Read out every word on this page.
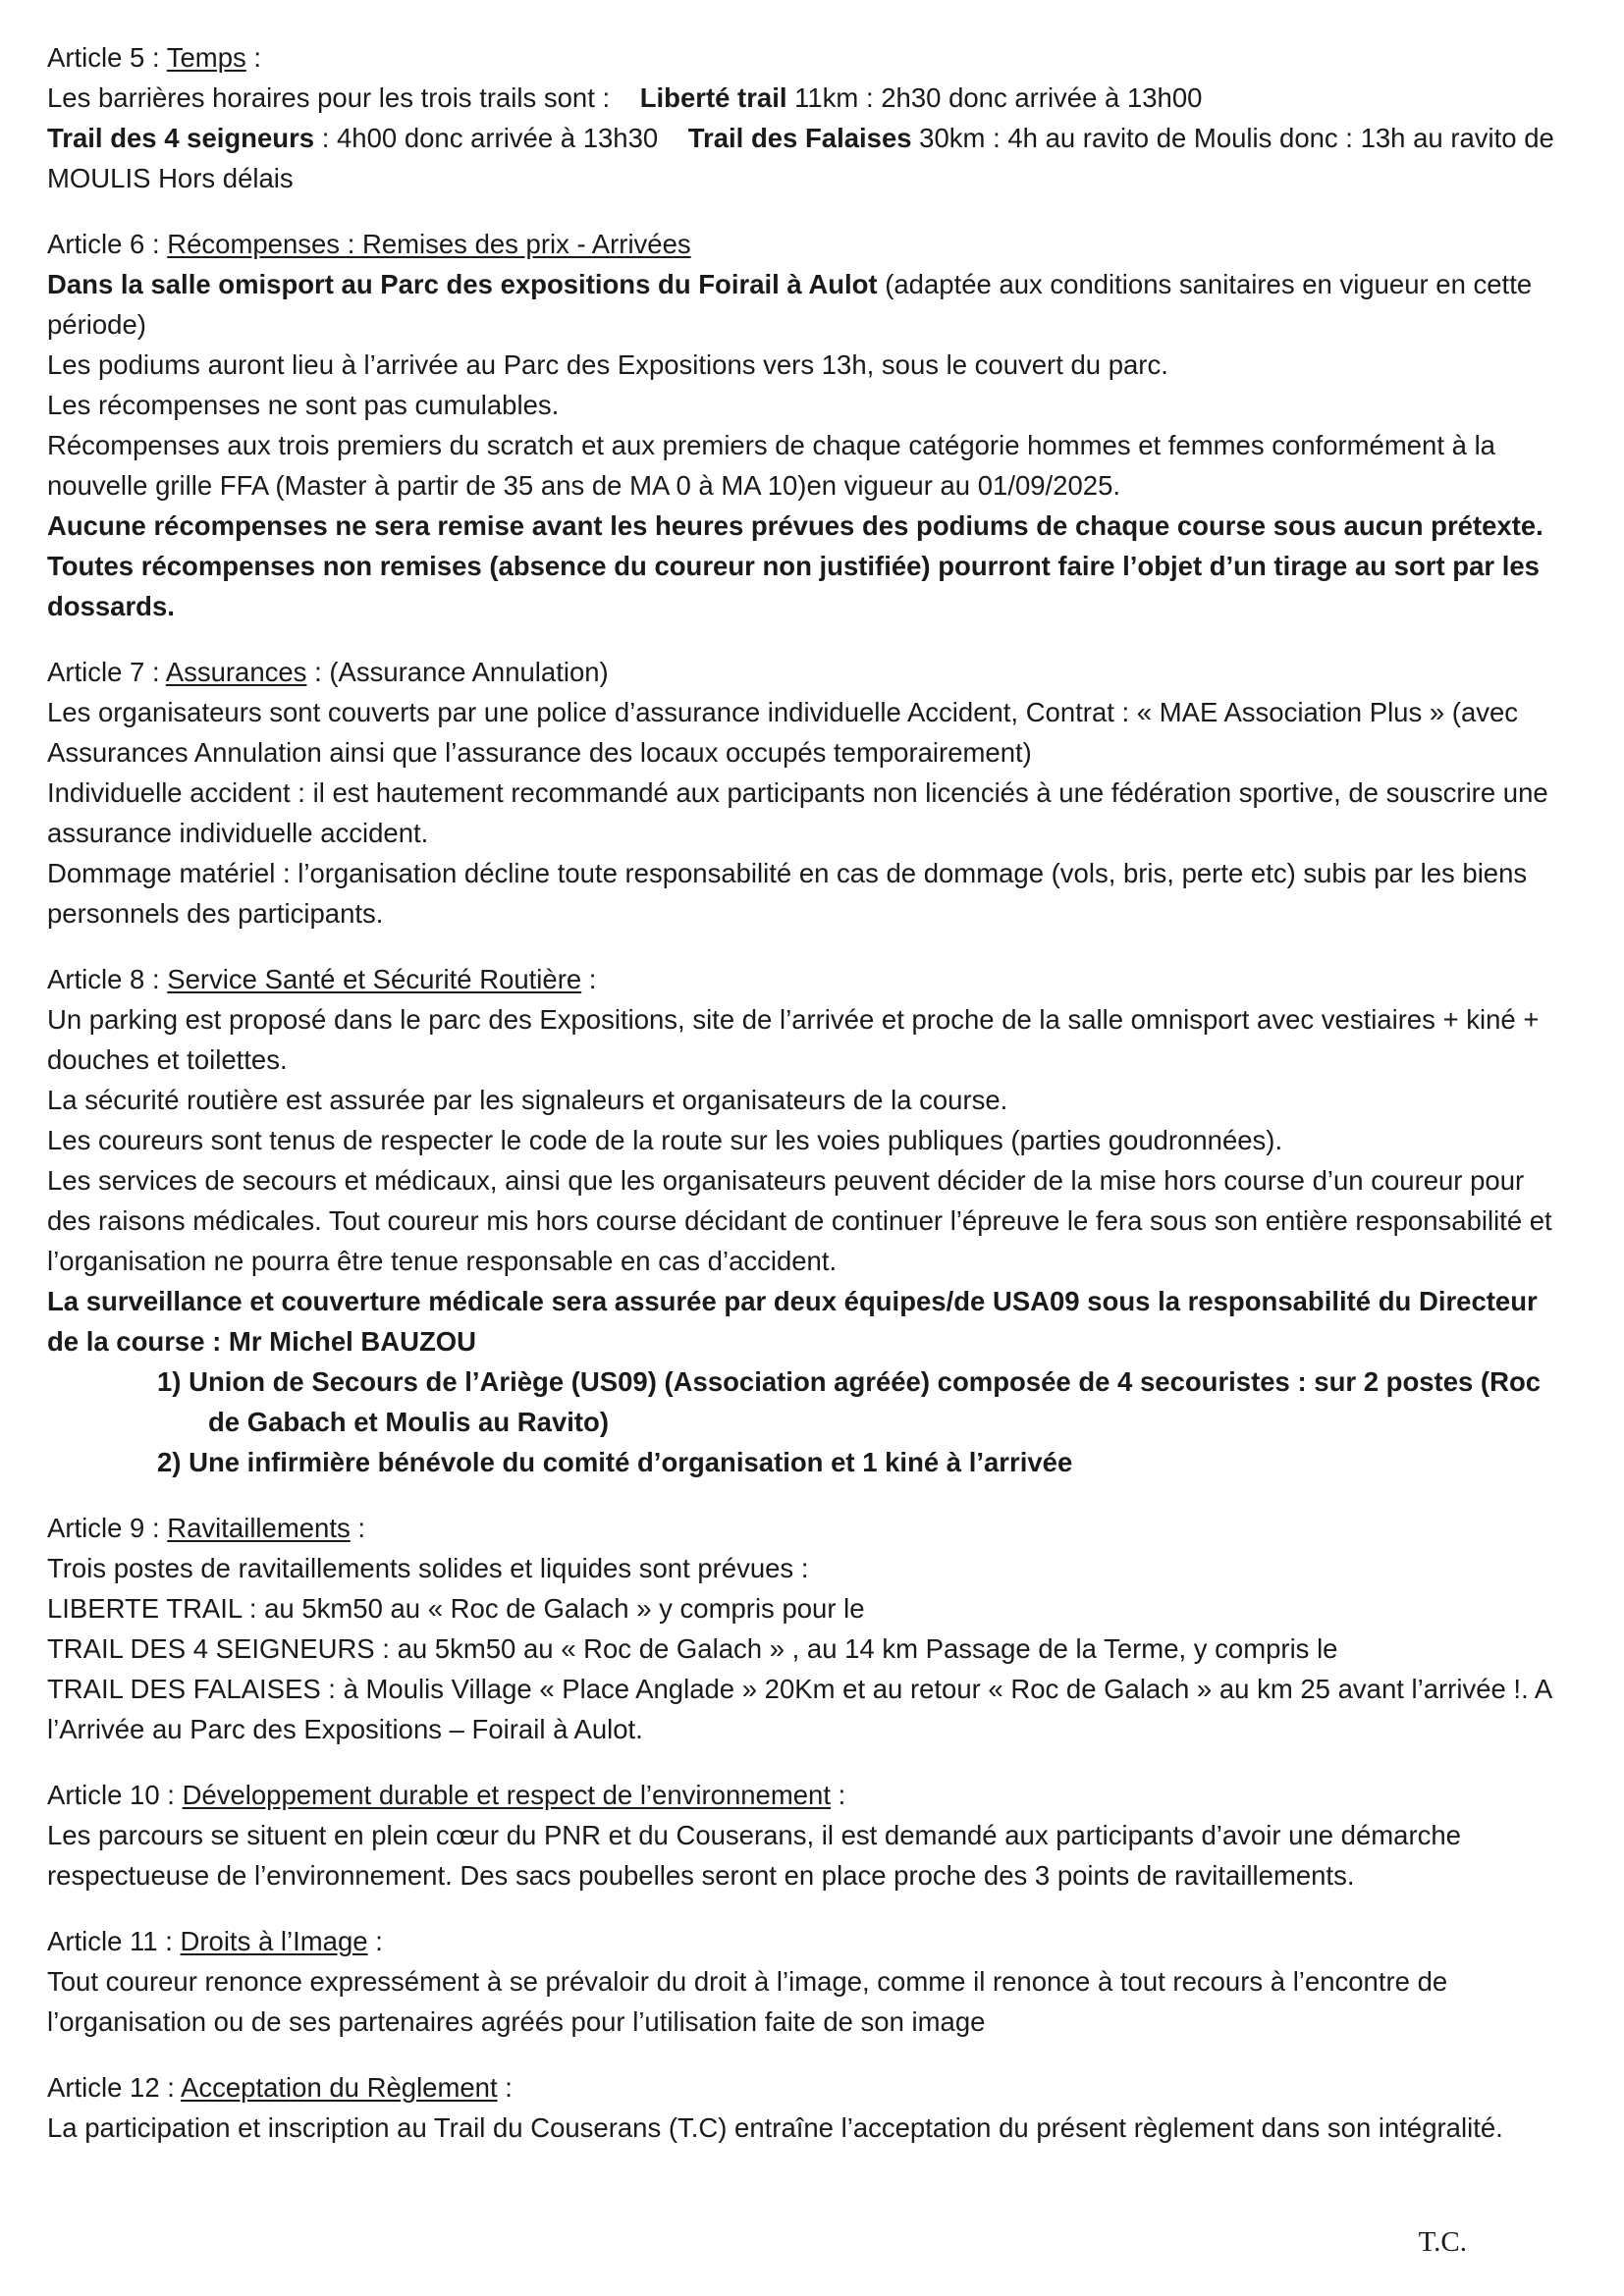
Article 5 : Temps :

Les barrières horaires pour les trois trails sont :    Liberté trail 11km : 2h30 donc arrivée à 13h00

Trail des 4 seigneurs : 4h00 donc arrivée à 13h30    Trail des Falaises 30km : 4h au ravito de Moulis donc : 13h au ravito de MOULIS Hors délais

Article 6 : Récompenses : Remises des prix - Arrivées

Dans la salle omisport au Parc des expositions du Foirail à Aulot (adaptée aux conditions sanitaires en vigueur en cette période)

Les podiums auront lieu à l’arrivée au Parc des Expositions vers 13h, sous le couvert du parc.

Les récompenses ne sont pas cumulables.

Récompenses aux trois premiers du scratch et aux premiers de chaque catégorie hommes et femmes conformément à la nouvelle grille FFA (Master à partir de 35 ans de MA 0 à MA 10)en vigueur au 01/09/2025.

Aucune récompenses ne sera remise avant les heures prévues des podiums de chaque course sous aucun prétexte. Toutes récompenses non remises (absence du coureur non justifiée) pourront faire l’objet d’un tirage au sort par les dossards.

Article 7 : Assurances : (Assurance Annulation)

Les organisateurs sont couverts par une police d’assurance individuelle Accident, Contrat : « MAE Association Plus » (avec Assurances Annulation ainsi que l’assurance des locaux occupés temporairement)

Individuelle accident : il est hautement recommandé aux participants non licenciés à une fédération sportive, de souscrire une assurance individuelle accident.

Dommage matériel : l’organisation décline toute responsabilité en cas de dommage (vols, bris, perte etc) subis par les biens personnels des participants.

Article 8 : Service Santé et Sécurité Routière :

Un parking est proposé dans le parc des Expositions, site de l’arrivée et proche de la salle omnisport avec vestiaires + kiné + douches et toilettes.

La sécurité routière est assurée par les signaleurs et organisateurs de la course.

Les coureurs sont tenus de respecter le code de la route sur les voies publiques (parties goudronnées).

Les services de secours et médicaux, ainsi que les organisateurs peuvent décider de la mise hors course d’un coureur pour des raisons médicales. Tout coureur mis hors course décidant de continuer l’épreuve le fera sous son entière responsabilité et l’organisation ne pourra être tenue responsable en cas d’accident.

La surveillance et couverture médicale sera assurée par deux équipes/de USA09 sous la responsabilité du Directeur de la course : Mr Michel BAUZOU

1) Union de Secours de l’Ariège (US09) (Association agréée) composée de 4 secouristes : sur 2 postes (Roc de Gabach et Moulis au Ravito)
2) Une infirmière bénévole du comité d’organisation et 1 kiné à l’arrivée

Article 9 : Ravitaillements :

Trois postes de ravitaillements solides et liquides sont prévues :

LIBERTE TRAIL : au 5km50 au « Roc de Galach » y compris pour le

TRAIL DES 4 SEIGNEURS : au 5km50 au « Roc de Galach » , au 14 km Passage de la Terme, y compris le

TRAIL DES FALAISES : à Moulis Village « Place Anglade » 20Km et au retour « Roc de Galach » au km 25 avant l’arrivée !. A l’Arrivée au Parc des Expositions – Foirail à Aulot.

Article 10 : Développement durable et respect de l’environnement :

Les parcours se situent en plein cœur du PNR et du Couserans, il est demandé aux participants d’avoir une démarche respectueuse de l’environnement. Des sacs poubelles seront en place proche des 3 points de ravitaillements.

Article 11 : Droits à l’Image :

Tout coureur renonce expressément à se prévaloir du droit à l’image, comme il renonce à tout recours à l’encontre de l’organisation ou de ses partenaires agréés pour l’utilisation faite de son image

Article 12 : Acceptation du Règlement :

La participation et inscription au Trail du Couserans (T.C) entraîne l’acceptation du présent règlement dans son intégralité.

T.C.
